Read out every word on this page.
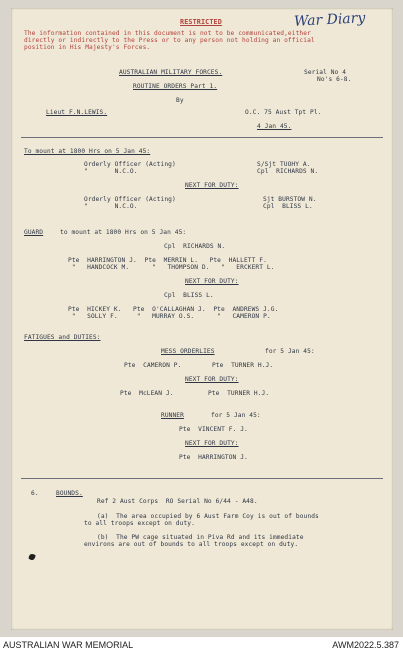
RESTRICTED	War Diary
The information contained in this document is not to be communicated,either
directly or indirectly to the Press or to any person not holding an official
position in His Majesty's Forces.
AUSTRALIAN MILITARY FORCES.	Serial No 4
No's 6-8.
ROUTINE ORDERS Part 1.
By
Lieut F.N.LEWIS.	O.C. 75 Aust Tpt Pl.
4 Jan 45.
To mount at 1800 Hrs on 5 Jan 45:
Orderly Officer (Acting)	S/Sjt TUOHY A.
"       N.C.O.	Cpl  RICHARDS N.
NEXT FOR DUTY:
Orderly Officer (Acting)	Sjt BURSTOW N.
"       N.C.O.	Cpl  BLISS L.
GUARD	to mount at 1800 Hrs on 5 Jan 45:
Cpl  RICHARDS N.
Pte  HARRINGTON J.  Pte  MERRIN L.   Pte  HALLETT F.
"   HANDCOCK M.      "   THOMPSON D.   "   ERCKERT L.
NEXT FOR DUTY:
Cpl  BLISS L.
Pte  HICKEY K.   Pte  O'CALLAGHAN J.  Pte  ANDREWS J.G.
"   SOLLY F.     "   MURRAY O.S.      "   CAMERON P.
FATIGUES and DUTIES:
MESS ORDERLIES	for 5 Jan 45:
Pte  CAMERON P.        Pte  TURNER H.J.
NEXT FOR DUTY:
Pte  McLEAN J.         Pte  TURNER H.J.
RUNNER	for 5 Jan 45:
Pte  VINCENT F. J.
NEXT FOR DUTY:
Pte  HARRINGTON J.
6.	BOUNDS.
Ref 2 Aust Corps  RO Serial No 6/44 - A48.
(a)  The area occupied by 6 Aust Farm Coy is out of bounds
to all troops except on duty.
(b)  The PW cage situated in Piva Rd and its immediate
environs are out of bounds to all troops except on duty.
AUSTRALIAN WAR MEMORIAL	AWM2022.5.387
